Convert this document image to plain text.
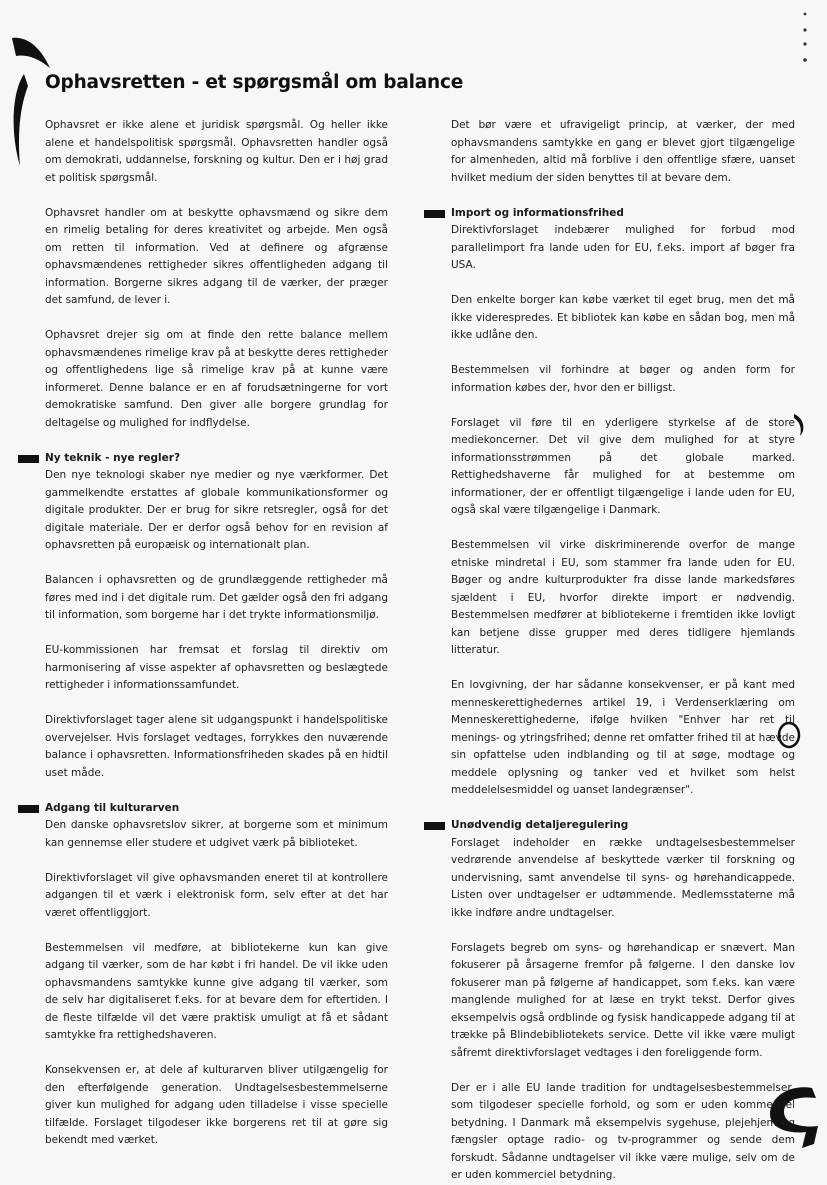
Ophavsretten - et spørgsmål om balance

Ophavsret er ikke alene et juridisk spørgsmål. Og heller ikke alene et handelspolitisk spørgsmål. Ophavsretten handler også om demokrati, uddannelse, forskning og kultur. Den er i høj grad et politisk spørgsmål.

Ophavsret handler om at beskytte ophavsmænd og sikre dem en rimelig betaling for deres kreativitet og arbejde. Men også om retten til information. Ved at definere og afgrænse ophavsmændenes rettigheder sikres offentligheden adgang til information. Borgerne sikres adgang til de værker, der præger det samfund, de lever i.

Ophavsret drejer sig om at finde den rette balance mellem ophavsmændenes rimelige krav på at beskytte deres rettigheder og offentlighedens lige så rimelige krav på at kunne være informeret. Denne balance er en af forudsætningerne for vort demokratiske samfund. Den giver alle borgere grundlag for deltagelse og mulighed for indflydelse.

Ny teknik - nye regler?

Den nye teknologi skaber nye medier og nye værkformer. Det gammelkendte erstattes af globale kommunikationsformer og digitale produkter. Der er brug for sikre retsregler, også for det digitale materiale. Der er derfor også behov for en revision af ophavsretten på europæisk og internationalt plan.

Balancen i ophavsretten og de grundlæggende rettigheder må føres med ind i det digitale rum. Det gælder også den fri adgang til information, som borgerne har i det trykte informationsmiljø.

EU-kommissionen har fremsat et forslag til direktiv om harmonisering af visse aspekter af ophavsretten og beslægtede rettigheder i informationssamfundet.

Direktivforslaget tager alene sit udgangspunkt i handelspolitiske overvejelser. Hvis forslaget vedtages, forrykkes den nuværende balance i ophavsretten. Informationsfriheden skades på en hidtil uset måde.

Adgang til kulturarven

Den danske ophavsretslov sikrer, at borgerne som et minimum kan gennemse eller studere et udgivet værk på biblioteket.

Direktivforslaget vil give ophavsmanden eneret til at kontrollere adgangen til et værk i elektronisk form, selv efter at det har været offentliggjort.

Bestemmelsen vil medføre, at bibliotekerne kun kan give adgang til værker, som de har købt i fri handel. De vil ikke uden ophavsmandens samtykke kunne give adgang til værker, som de selv har digitaliseret f.eks. for at bevare dem for eftertiden. I de fleste tilfælde vil det være praktisk umuligt at få et sådant samtykke fra rettighedshaveren.

Konsekvensen er, at dele af kulturarven bliver utilgængelig for den efterfølgende generation. Undtagelsesbestemmelserne giver kun mulighed for adgang uden tilladelse i visse specielle tilfælde. Forslaget tilgodeser ikke borgerens ret til at gøre sig bekendt med værket.

Det bør være et ufravigeligt princip, at værker, der med ophavsmandens samtykke en gang er blevet gjort tilgængelige for almenheden, altid må forblive i den offentlige sfære, uanset hvilket medium der siden benyttes til at bevare dem.

Import og informationsfrihed

Direktivforslaget indebærer mulighed for forbud mod parallelimport fra lande uden for EU, f.eks. import af bøger fra USA.

Den enkelte borger kan købe værket til eget brug, men det må ikke viderespredes. Et bibliotek kan købe en sådan bog, men må ikke udlåne den.

Bestemmelsen vil forhindre at bøger og anden form for information købes der, hvor den er billigst.

Forslaget vil føre til en yderligere styrkelse af de store mediekoncerner. Det vil give dem mulighed for at styre informationsstrømmen på det globale marked. Rettighedshaverne får mulighed for at bestemme om informationer, der er offentligt tilgængelige i lande uden for EU, også skal være tilgængelige i Danmark.

Bestemmelsen vil virke diskriminerende overfor de mange etniske mindretal i EU, som stammer fra lande uden for EU. Bøger og andre kulturprodukter fra disse lande markedsføres sjældent i EU, hvorfor direkte import er nødvendig. Bestemmelsen medfører at bibliotekerne i fremtiden ikke lovligt kan betjene disse grupper med deres tidligere hjemlands litteratur.

En lovgivning, der har sådanne konsekvenser, er på kant med menneskerettighedernes artikel 19, i Verdenserklæring om Menneskerettighederne, ifølge hvilken "Enhver har ret til menings- og ytringsfrihed; denne ret omfatter frihed til at hævde sin opfattelse uden indblanding og til at søge, modtage og meddele oplysning og tanker ved et hvilket som helst meddelelsesmiddel og uanset landegrænser".

Unødvendig detaljeregulering

Forslaget indeholder en række undtagelsesbestemmelser vedrørende anvendelse af beskyttede værker til forskning og undervisning, samt anvendelse til syns- og hørehandicappede. Listen over undtagelser er udtømmende. Medlemsstaterne må ikke indføre andre undtagelser.

Forslagets begreb om syns- og hørehandicap er snævert. Man fokuserer på årsagerne fremfor på følgerne. I den danske lov fokuserer man på følgerne af handicappet, som f.eks. kan være manglende mulighed for at læse en trykt tekst. Derfor gives eksempelvis også ordblinde og fysisk handicappede adgang til at trække på Blindebibliotekets service. Dette vil ikke være muligt såfremt direktivforslaget vedtages i den foreliggende form.

Der er i alle EU lande tradition for undtagelsesbestemmelser, som tilgodeser specielle forhold, og som er uden kommerciel betydning. I Danmark må eksempelvis sygehuse, plejehjem og fængsler optage radio- og tv-programmer og sende dem forskudt. Sådanne undtagelser vil ikke være mulige, selv om de er uden kommerciel betydning.
